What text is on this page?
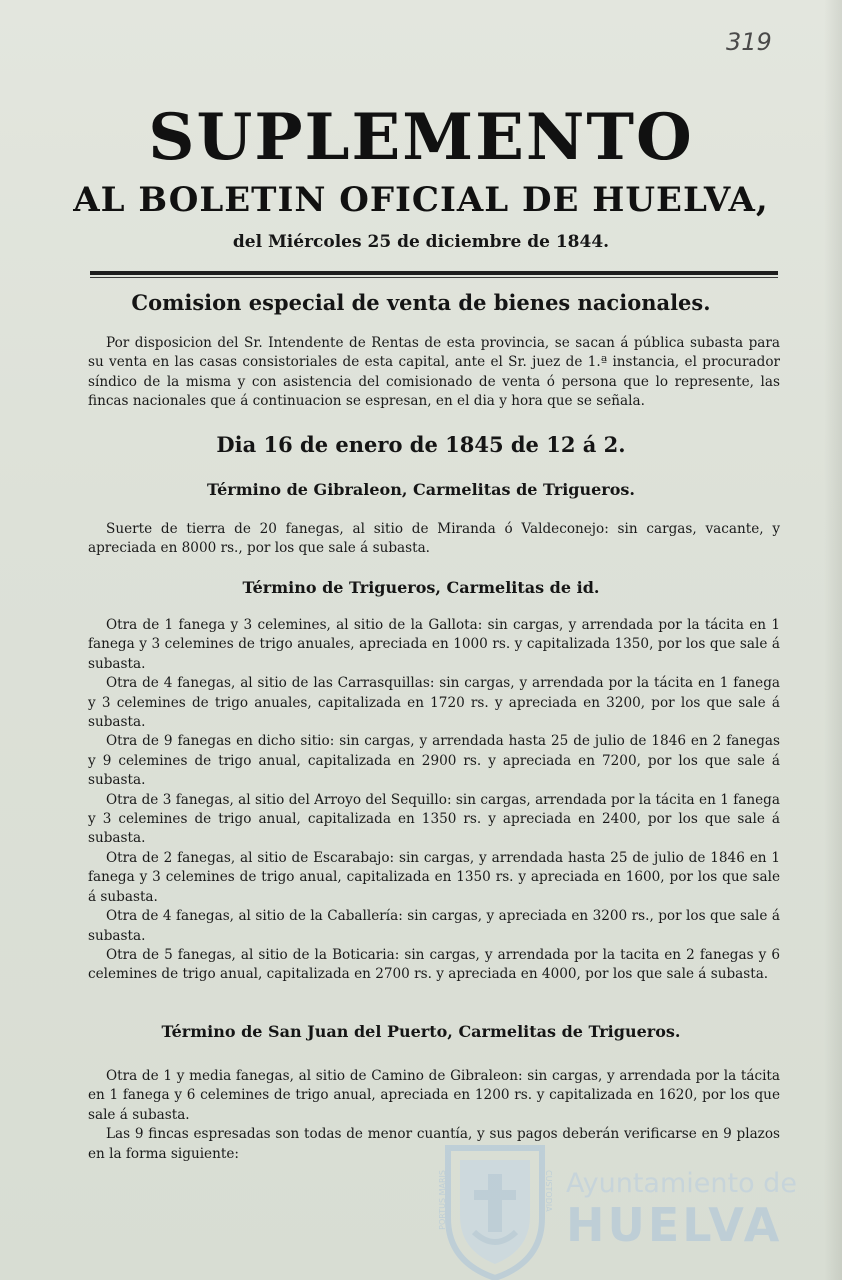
319
SUPLEMENTO
AL BOLETIN OFICIAL DE HUELVA,
del Miércoles 25 de diciembre de 1844.
Comision especial de venta de bienes nacionales.

Por disposicion del Sr. Intendente de Rentas de esta provincia, se sacan á pública subasta para su venta en las casas consistoriales de esta capital, ante el Sr. juez de 1.ª instancia, el procurador síndico de la misma y con asistencia del comisionado de venta ó persona que lo represente, las fincas nacionales que á continuacion se espresan, en el dia y hora que se señala.

Dia 16 de enero de 1845 de 12 á 2.
Término de Gibraleon, Carmelitas de Trigueros.

Suerte de tierra de 20 fanegas, al sitio de Miranda ó Valdeconejo: sin cargas, vacante, y apreciada en 8000 rs., por los que sale á subasta.

Término de Trigueros, Carmelitas de id.

Otra de 1 fanega y 3 celemines, al sitio de la Gallota: sin cargas, y arrendada por la tácita en 1 fanega y 3 celemines de trigo anuales, apreciada en 1000 rs. y capitalizada 1350, por los que sale á subasta.

Otra de 4 fanegas, al sitio de las Carrasquillas: sin cargas, y arrendada por la tácita en 1 fanega y 3 celemines de trigo anuales, capitalizada en 1720 rs. y apreciada en 3200, por los que sale á subasta.

Otra de 9 fanegas en dicho sitio: sin cargas, y arrendada hasta 25 de julio de 1846 en 2 fanegas y 9 celemines de trigo anual, capitalizada en 2900 rs. y apreciada en 7200, por los que sale á subasta.

Otra de 3 fanegas, al sitio del Arroyo del Sequillo: sin cargas, arrendada por la tácita en 1 fanega y 3 celemines de trigo anual, capitalizada en 1350 rs. y apreciada en 2400, por los que sale á subasta.

Otra de 2 fanegas, al sitio de Escarabajo: sin cargas, y arrendada hasta 25 de julio de 1846 en 1 fanega y 3 celemines de trigo anual, capitalizada en 1350 rs. y apreciada en 1600, por los que sale á subasta.

Otra de 4 fanegas, al sitio de la Caballería: sin cargas, y apreciada en 3200 rs., por los que sale á subasta.

Otra de 5 fanegas, al sitio de la Boticaria: sin cargas, y arrendada por la tacita en 2 fanegas y 6 celemines de trigo anual, capitalizada en 2700 rs. y apreciada en 4000, por los que sale á subasta.

Término de San Juan del Puerto, Carmelitas de Trigueros.

Otra de 1 y media fanegas, al sitio de Camino de Gibraleon: sin cargas, y arrendada por la tácita en 1 fanega y 6 celemines de trigo anual, apreciada en 1200 rs. y capitalizada en 1620, por los que sale á subasta.

Las 9 fincas espresadas son todas de menor cuantía, y sus pagos deberán verificarse en 9 plazos en la forma siguiente:

PORTUS MARIS	CUSTODIA Ayuntamiento de
HUELVA
